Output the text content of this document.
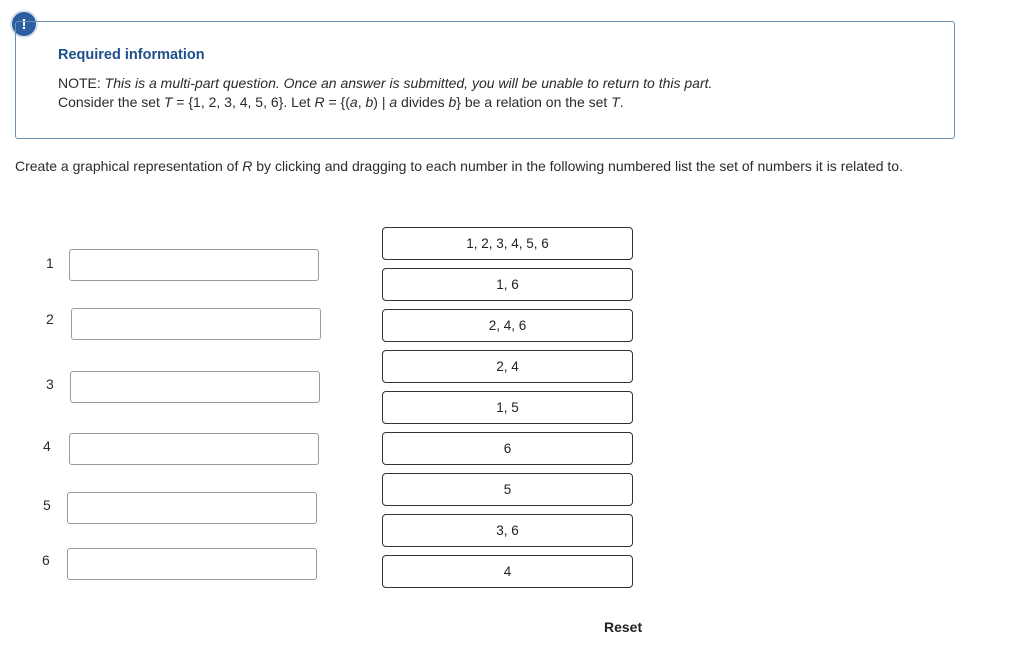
!
Required information
NOTE: This is a multi-part question. Once an answer is submitted, you will be unable to return to this part.
Consider the set T = {1, 2, 3, 4, 5, 6}. Let R = {(a, b) | a divides b} be a relation on the set T.
Create a graphical representation of R by clicking and dragging to each number in the following numbered list the set of numbers it is related to.
1
2
3
4
5
6
1, 2, 3, 4, 5, 6
1, 6
2, 4, 6
2, 4
1, 5
6
5
3, 6
4
Reset
